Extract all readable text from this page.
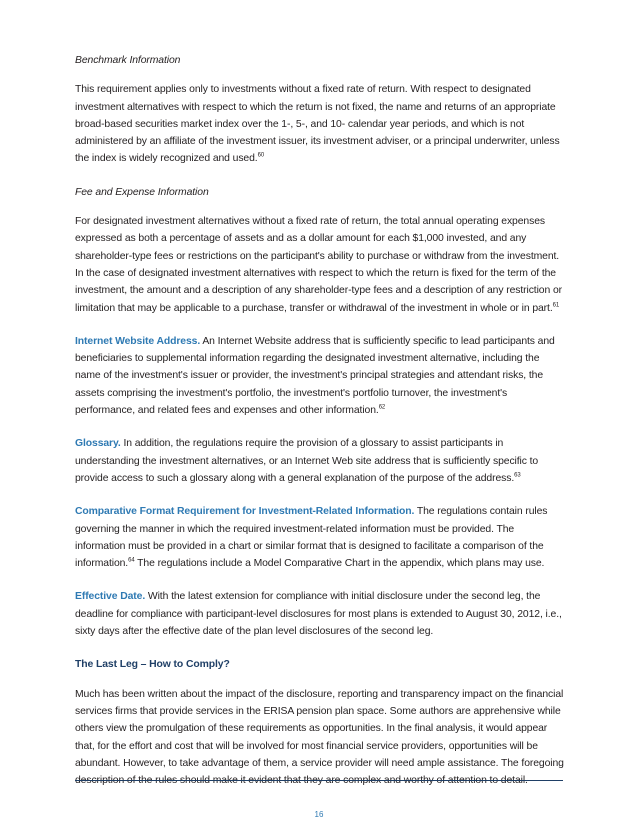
Benchmark Information

This requirement applies only to investments without a fixed rate of return. With respect to designated investment alternatives with respect to which the return is not fixed, the name and returns of an appropriate broad-based securities market index over the 1-, 5-, and 10- calendar year periods, and which is not administered by an affiliate of the investment issuer, its investment adviser, or a principal underwriter, unless the index is widely recognized and used.$^{60}$

Fee and Expense Information

For designated investment alternatives without a fixed rate of return, the total annual operating expenses expressed as both a percentage of assets and as a dollar amount for each $1,000 invested, and any shareholder-type fees or restrictions on the participant's ability to purchase or withdraw from the investment. In the case of designated investment alternatives with respect to which the return is fixed for the term of the investment, the amount and a description of any shareholder-type fees and a description of any restriction or limitation that may be applicable to a purchase, transfer or withdrawal of the investment in whole or in part.$^{61}$

Internet Website Address. An Internet Website address that is sufficiently specific to lead participants and beneficiaries to supplemental information regarding the designated investment alternative, including the name of the investment's issuer or provider, the investment's principal strategies and attendant risks, the assets comprising the investment's portfolio, the investment's portfolio turnover, the investment's performance, and related fees and expenses and other information.$^{62}$

Glossary. In addition, the regulations require the provision of a glossary to assist participants in understanding the investment alternatives, or an Internet Web site address that is sufficiently specific to provide access to such a glossary along with a general explanation of the purpose of the address.$^{63}$

Comparative Format Requirement for Investment-Related Information. The regulations contain rules governing the manner in which the required investment-related information must be provided. The information must be provided in a chart or similar format that is designed to facilitate a comparison of the information.$^{64}$ The regulations include a Model Comparative Chart in the appendix, which plans may use.

Effective Date. With the latest extension for compliance with initial disclosure under the second leg, the deadline for compliance with participant-level disclosures for most plans is extended to August 30, 2012, i.e., sixty days after the effective date of the plan level disclosures of the second leg.

The Last Leg – How to Comply?

Much has been written about the impact of the disclosure, reporting and transparency impact on the financial services firms that provide services in the ERISA pension plan space. Some authors are apprehensive while others view the promulgation of these requirements as opportunities. In the final analysis, it would appear that, for the effort and cost that will be involved for most financial service providers, opportunities will be abundant. However, to take advantage of them, a service provider will need ample assistance. The foregoing description of the rules should make it evident that they are complex and worthy of attention to detail.

16
